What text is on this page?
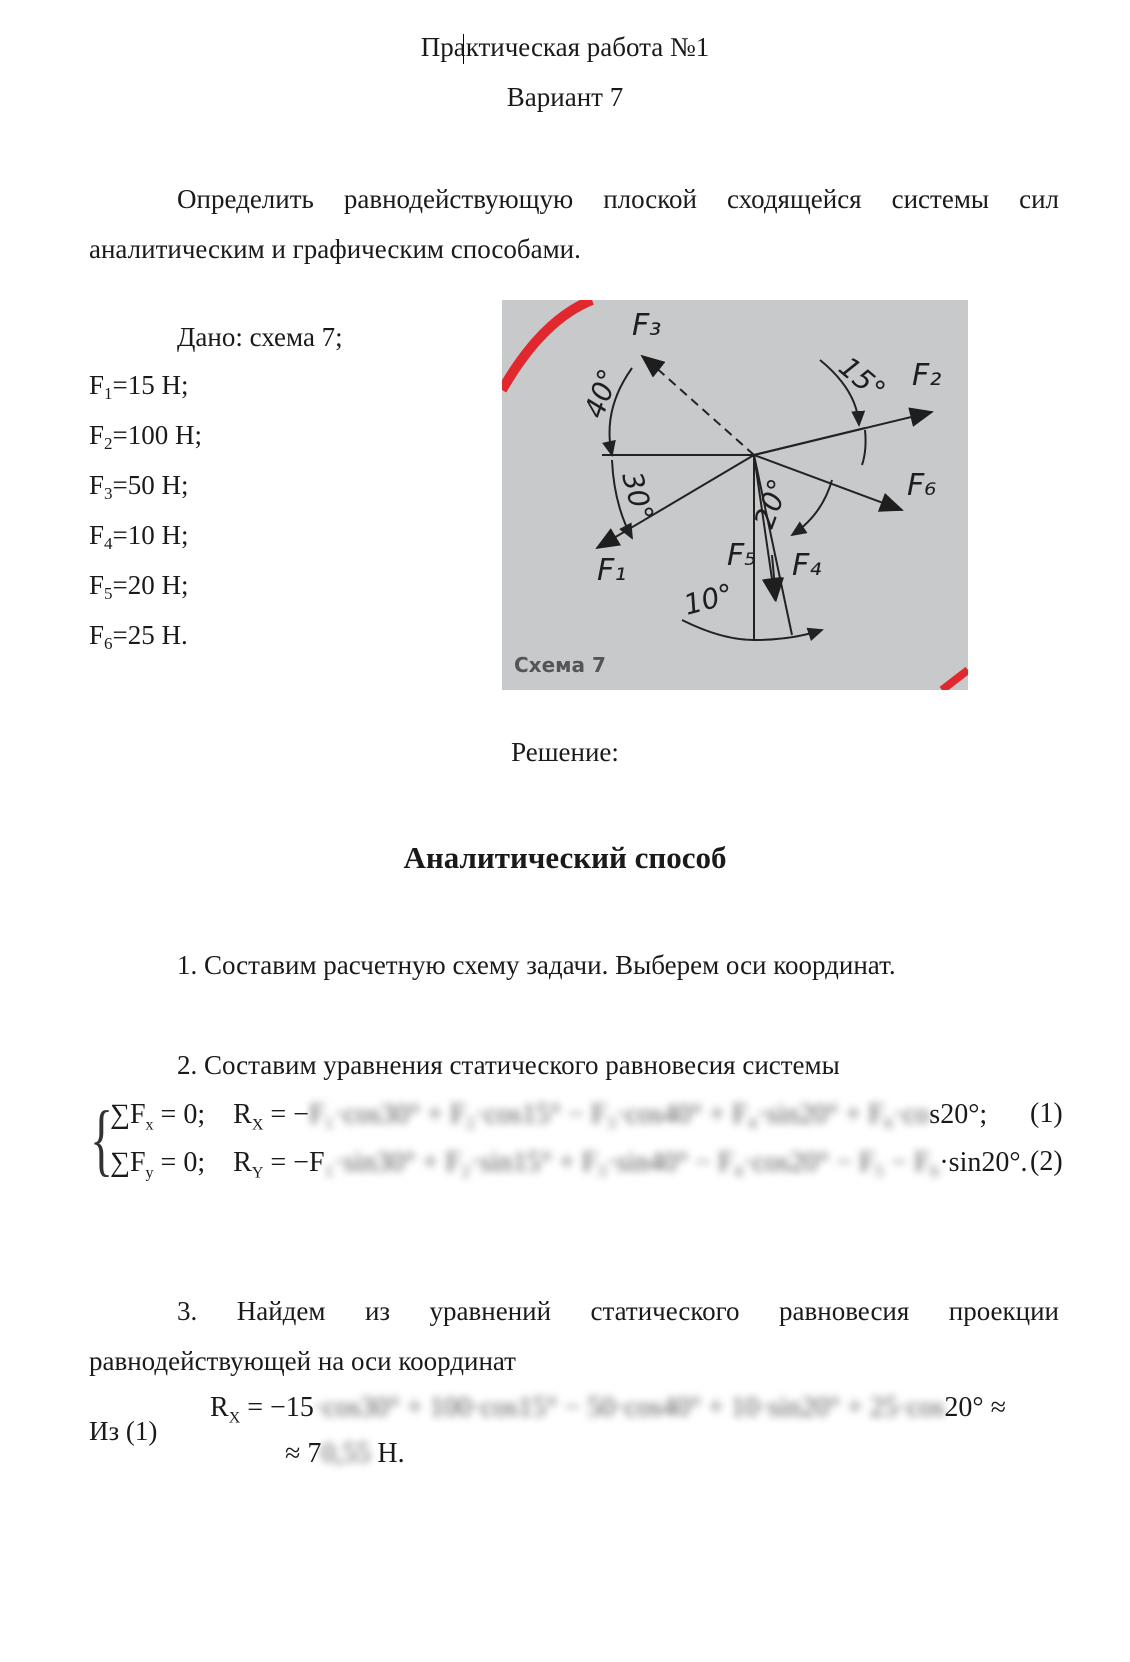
Практическая работа №1
Вариант 7
Определить равнодействующую плоской сходящейся системы сил
аналитическим и графическим способами.
Дано: схема 7;
$F_1=15$ Н;
$F_2=100$ Н;
$F_3=50$ Н;
$F_4=10$ Н;
$F_5=20$ Н;
$F_6=25$ Н.
F₃
F₂
F₆
F₁	F₅ F₄
40°	15°
30°	20°
10°
Схема 7
Решение:
Аналитический способ
1. Составим расчетную схему задачи. Выберем оси координат.
2. Составим уравнения статического равновесия системы
{
$\sum F_x = 0$; $R_X = -F_1\cdot\cos 30^\circ + F_2\cdot\cos 15^\circ - F_3\cdot\cos 40^\circ + F_4\cdot\sin 20^\circ + F_6\cdot\cos 20^\circ$; (1)
$\sum F_y = 0$; $R_Y = -F_1\cdot\sin 30^\circ + F_2\cdot\sin 15^\circ + F_3\cdot\sin 40^\circ - F_4\cdot\cos 20^\circ - F_5 - F_6\cdot\sin 20^\circ$. (2)
3. Найдем из уравнений статического равновесия проекции
равнодействующей на оси координат
Из (1)
$R_X = -15\cdot\cos 30^\circ + 100\cdot\cos 15^\circ - 50\cdot\cos 40^\circ + 10\cdot\sin 20^\circ + 25\cdot\cos 20^\circ$ ≈
≈ 70,55 Н.
